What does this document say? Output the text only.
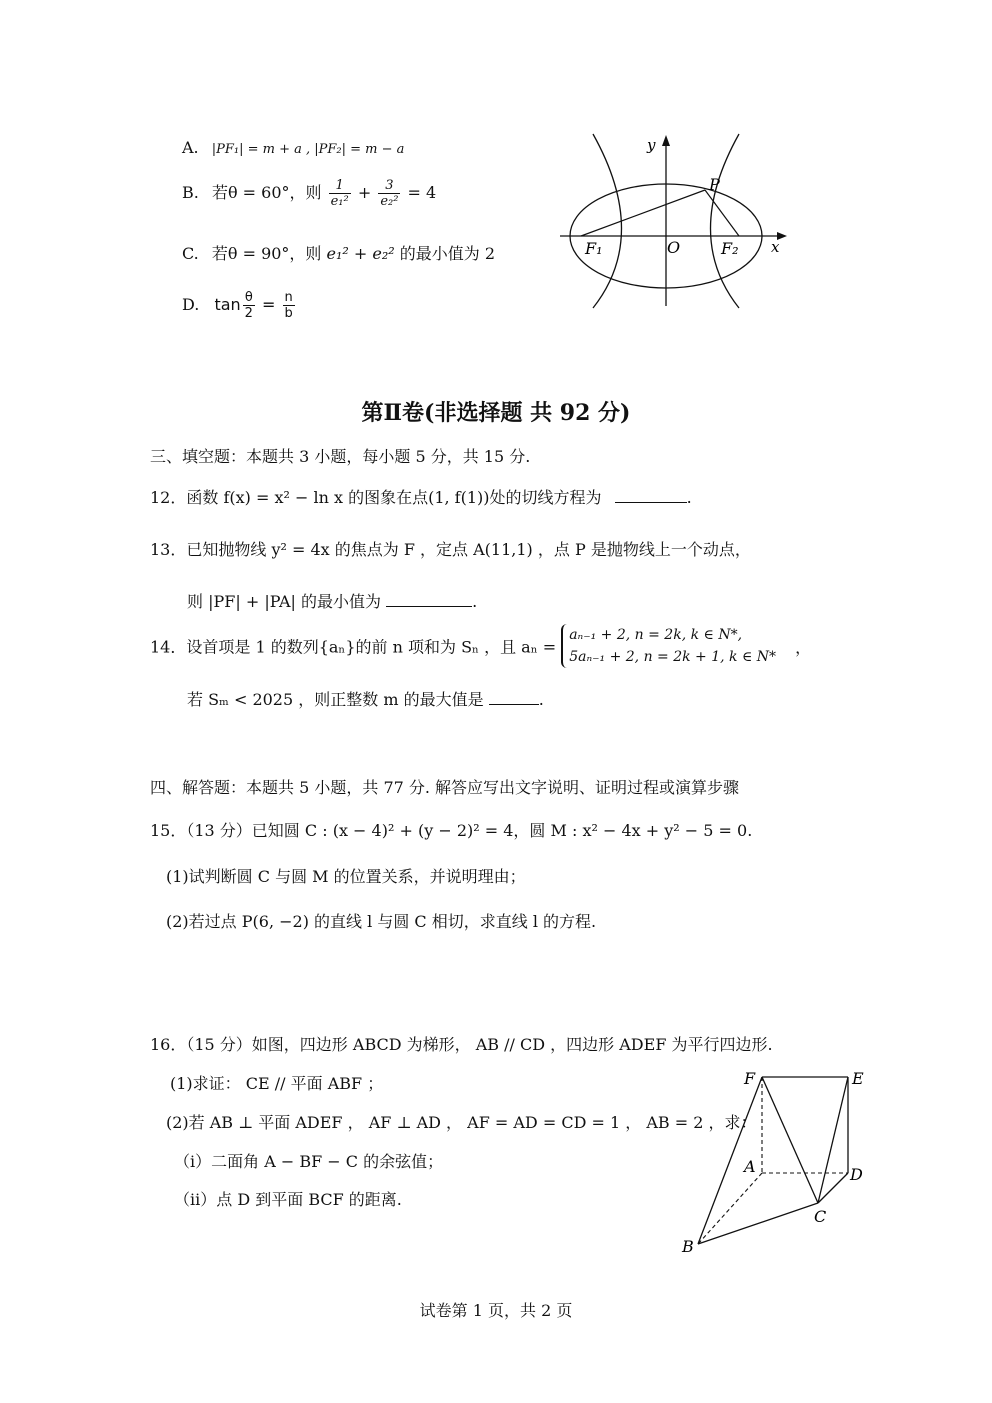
A. |PF₁| = m + a , |PF₂| = m − a
B. 若θ = 60°，则 $\frac{1}{\text{e₁²}} + \frac{3}{\text{e₂²}} = 4$
C. 若θ = 90°，则 e₁² + e₂² 的最小值为 2
D. $\tan \frac{\theta}{2} = \frac{n}{b}$
y
x
P
O
F₁	F₂
第Ⅱ卷(非选择题 共 92 分)
三、填空题：本题共 3 小题，每小题 5 分，共 15 分.
12．函数 f(x) = x² − ln x 的图象在点(1, f(1))处的切线方程为	.
13．已知抛物线 y² = 4x 的焦点为 F ，定点 A(11,1) ，点 P 是抛物线上一个动点，
则 |PF| + |PA| 的最小值为	.
14．设首项是 1 的数列{aₙ}的前 n 项和为 Sₙ ，且 aₙ =
aₙ₋₁ + 2, n = 2k, k ∈ N*,
5aₙ₋₁ + 2, n = 2k + 1, k ∈ N*
，
若 Sₘ < 2025 ，则正整数 m 的最大值是	.
四、解答题：本题共 5 小题，共 77 分. 解答应写出文字说明、证明过程或演算步骤
15．（13 分）已知圆 C : (x − 4)² + (y − 2)² = 4，圆 M : x² − 4x + y² − 5 = 0.
(1)试判断圆 C 与圆 M 的位置关系，并说明理由；
(2)若过点 P(6, −2) 的直线 l 与圆 C 相切，求直线 l 的方程.
16．（15 分）如图，四边形 ABCD 为梯形， AB // CD ，四边形 ADEF 为平行四边形.
(1)求证： CE // 平面 ABF ；
(2)若 AB ⊥ 平面 ADEF ， AF ⊥ AD ， AF = AD = CD = 1 ， AB = 2 ，求：
（ⅰ）二面角 A − BF − C 的余弦值；
（ⅱ）点 D 到平面 BCF 的距离.
F	E
A	D
C
B
试卷第 1 页，共 2 页
